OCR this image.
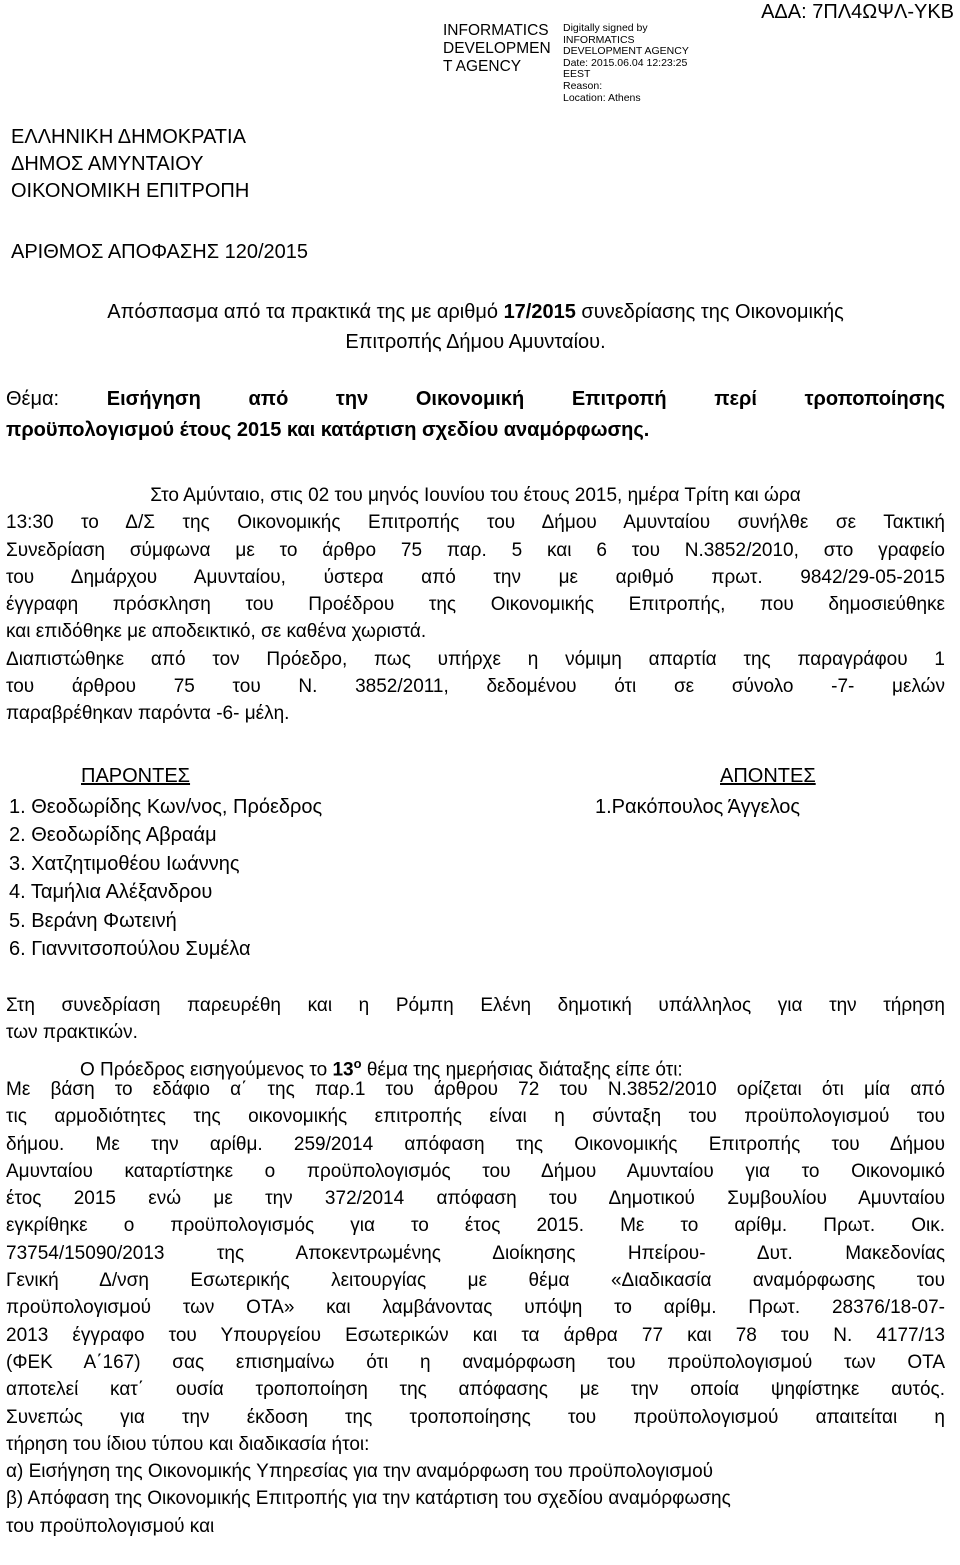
INFORMATICS DEVELOPMEN T AGENCY
Digitally signed by
INFORMATICS
DEVELOPMENT AGENCY
Date: 2015.06.04 12:23:25
EEST
Reason:
Location: Athens
ΑΔΑ: 7ΠΛ4ΩΨΛ-ΥΚΒ
ΕΛΛΗΝΙΚΗ ΔΗΜΟΚΡΑΤΙΑ
ΔΗΜΟΣ ΑΜΥΝΤΑΙΟΥ
ΟΙΚΟΝΟΜΙΚΗ ΕΠΙΤΡΟΠΗ
ΑΡΙΘΜΟΣ ΑΠΟΦΑΣΗΣ 120/2015
Απόσπασμα από τα πρακτικά της με αριθμό 17/2015 συνεδρίασης της Οικονομικής
Επιτροπής Δήμου Αμυνταίου.
Θέμα: Εισήγηση από την Οικονομική Επιτροπή περί τροποποίησης
προϋπολογισμού έτους 2015 και κατάρτιση σχεδίου αναμόρφωσης.
Στο Αμύνταιο, στις 02 του μηνός Ιουνίου του έτους 2015, ημέρα Τρίτη και ώρα
13:30 το Δ/Σ της Οικονομικής Επιτροπής του Δήμου Αμυνταίου συνήλθε σε Τακτική
Συνεδρίαση σύμφωνα με το άρθρο 75 παρ. 5 και 6 του Ν.3852/2010, στο γραφείο
του Δημάρχου Αμυνταίου, ύστερα από την με αριθμό πρωτ. 9842/29-05-2015
έγγραφη πρόσκληση του Προέδρου της Οικονομικής Επιτροπής, που δημοσιεύθηκε
και επιδόθηκε με αποδεικτικό, σε καθένα χωριστά.
Διαπιστώθηκε από τον Πρόεδρο, πως υπήρχε η νόμιμη απαρτία της παραγράφου 1
του άρθρου 75 του Ν. 3852/2011, δεδομένου ότι σε σύνολο -7- μελών
παραβρέθηκαν παρόντα -6- μέλη.
ΠΑΡΟΝΤΕΣ	ΑΠΟΝΤΕΣ
1. Θεοδωρίδης Κων/νος, Πρόεδρος
2. Θεοδωρίδης Αβραάμ
3. Χατζητιμοθέου Ιωάννης
4. Ταμήλια Αλέξανδρου
5. Βεράνη Φωτεινή
6. Γιαννιτσοπούλου Συμέλα
1.Ρακόπουλος Άγγελος
Στη συνεδρίαση παρευρέθη και η Ρόμπη Ελένη δημοτική υπάλληλος για την τήρηση
των πρακτικών.
Ο Πρόεδρος εισηγούμενος το $13^o$ θέμα της ημερήσιας διάταξης είπε ότι:
Με βάση το εδάφιο α΄ της παρ.1 του άρθρου 72 του Ν.3852/2010 ορίζεται ότι μία από
τις αρμοδιότητες της οικονομικής επιτροπής είναι η σύνταξη του προϋπολογισμού του
δήμου. Με την αρίθμ. 259/2014 απόφαση της Οικονομικής Επιτροπής του Δήμου
Αμυνταίου καταρτίστηκε ο προϋπολογισμός του Δήμου Αμυνταίου για το Οικονομικό
έτος 2015 ενώ με την 372/2014 απόφαση του Δημοτικού Συμβουλίου Αμυνταίου
εγκρίθηκε ο προϋπολογισμός για το έτος 2015. Με το αρίθμ. Πρωτ. Οικ.
73754/15090/2013 της Αποκεντρωμένης Διοίκησης Ηπείρου- Δυτ. Μακεδονίας
Γενική Δ/νση Εσωτερικής λειτουργίας με θέμα «Διαδικασία αναμόρφωσης του
προϋπολογισμού των ΟΤΑ» και λαμβάνοντας υπόψη το αρίθμ. Πρωτ. 28376/18-07-
2013 έγγραφο του Υπουργείου Εσωτερικών και τα άρθρα 77 και 78 του Ν. 4177/13
(ΦΕΚ Α΄167) σας επισημαίνω ότι η αναμόρφωση του προϋπολογισμού των ΟΤΑ
αποτελεί κατ΄ ουσία τροποποίηση της απόφασης με την οποία ψηφίστηκε αυτός.
Συνεπώς για την έκδοση της τροποποίησης του προϋπολογισμού απαιτείται η
τήρηση του ίδιου τύπου και διαδικασία ήτοι:
α) Εισήγηση της Οικονομικής Υπηρεσίας για την αναμόρφωση του προϋπολογισμού
β) Απόφαση της Οικονομικής Επιτροπής για την κατάρτιση του σχεδίου αναμόρφωσης
του προϋπολογισμού και
